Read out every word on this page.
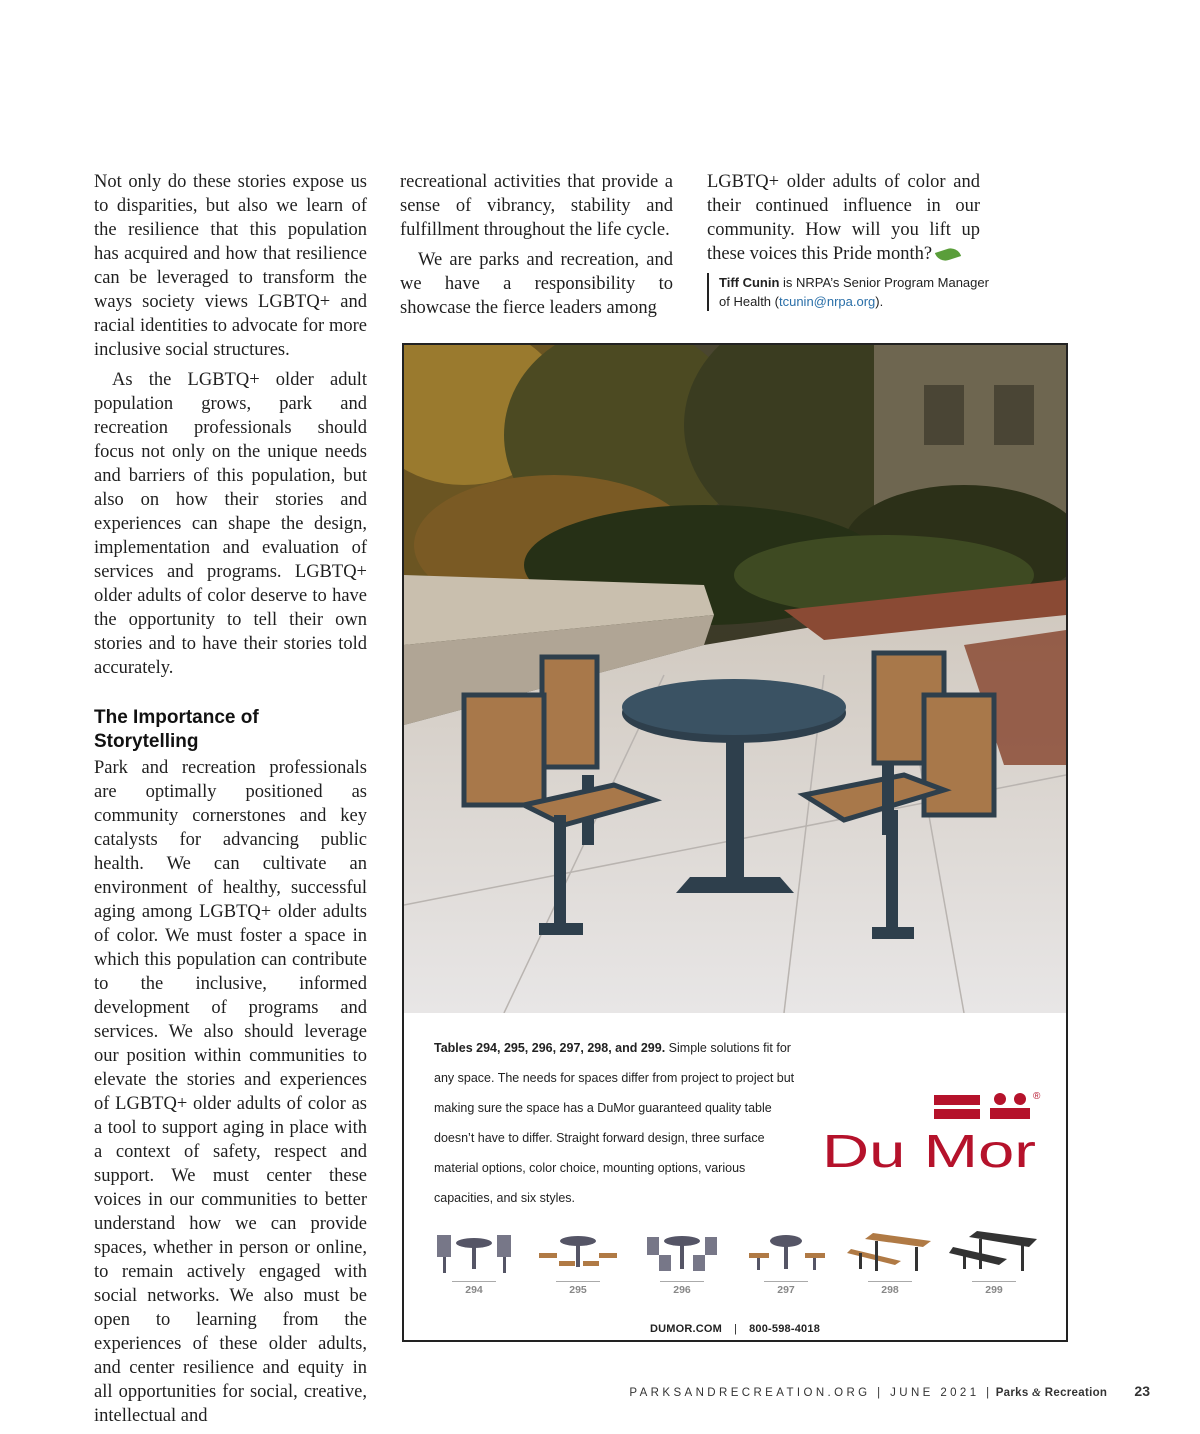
Not only do these stories expose us to disparities, but also we learn of the resilience that this population has acquired and how that resilience can be leveraged to transform the ways society views LGBTQ+ and racial identities to advocate for more inclusive social structures.

As the LGBTQ+ older adult population grows, park and recreation professionals should focus not only on the unique needs and barriers of this population, but also on how their stories and experiences can shape the design, implementation and evaluation of services and programs. LGBTQ+ older adults of color deserve to have the opportunity to tell their own stories and to have their stories told accurately.

The Importance of Storytelling

Park and recreation professionals are optimally positioned as community cornerstones and key catalysts for advancing public health. We can cultivate an environment of healthy, successful aging among LGBTQ+ older adults of color. We must foster a space in which this population can contribute to the inclusive, informed development of programs and services. We also should leverage our position within communities to elevate the stories and experiences of LGBTQ+ older adults of color as a tool to support aging in place with a context of safety, respect and support. We must center these voices in our communities to better understand how we can provide spaces, whether in person or online, to remain actively engaged with social networks. We also must be open to learning from the experiences of these older adults, and center resilience and equity in all opportunities for social, creative, intellectual and

recreational activities that provide a sense of vibrancy, stability and fulfillment throughout the life cycle.

We are parks and recreation, and we have a responsibility to showcase the fierce leaders among

LGBTQ+ older adults of color and their continued influence in our community. How will you lift up these voices this Pride month?

Tiff Cunin is NRPA’s Senior Program Manager of Health (tcunin@nrpa.org).
Tables 294, 295, 296, 297, 298, and 299. Simple solutions fit for any space. The needs for spaces differ from project to project but making sure the space has a DuMor guaranteed quality table doesn’t have to differ. Straight forward design, three surface material options, color choice, mounting options, various capacities, and six styles.
®
Du Mor
294	295	296	297	298	299
DUMOR.COM | 800-598-4018
PARKSANDRECREATION.ORG | JUNE 2021 | Parks & Recreation 23
